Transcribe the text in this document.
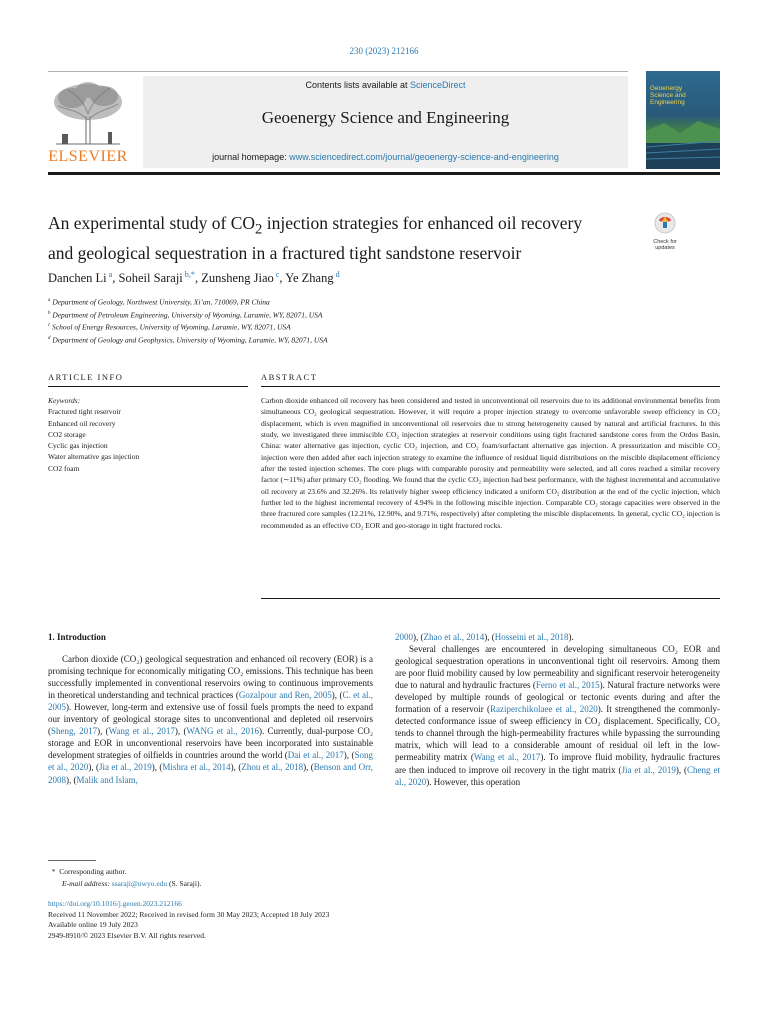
230 (2023) 212166
ELSEVIER
Contents lists available at ScienceDirect
Geoenergy Science and Engineering
journal homepage: www.sciencedirect.com/journal/geoenergy-science-and-engineering
Geoenergy
Science and
Engineering
An experimental study of $CO_2$ injection strategies for enhanced oil recovery
and geological sequestration in a fractured tight sandstone reservoir
Check for updates
Danchen Li $^a$, Soheil Saraji $^{b,*}$, Zunsheng Jiao $^c$, Ye Zhang $^d$
$^a$ Department of Geology, Northwest University, Xi’an, 710069, PR China
$^b$ Department of Petroleum Engineering, University of Wyoming, Laramie, WY, 82071, USA
$^c$ School of Energy Resources, University of Wyoming, Laramie, WY, 82071, USA
$^d$ Department of Geology and Geophysics, University of Wyoming, Laramie, WY, 82071, USA
ARTICLE INFO	ABSTRACT
Keywords:
Fractured tight reservoir
Enhanced oil recovery
CO2 storage
Cyclic gas injection
Water alternative gas injection
CO2 foam
Carbon dioxide enhanced oil recovery has been considered and tested in unconventional oil reservoirs due to its additional environmental benefits from simultaneous CO₂ geological sequestration. However, it will require a proper injection strategy to overcome unfavorable sweep efficiency in CO₂ displacement, which is even magnified in unconventional oil reservoirs due to strong heterogeneity caused by natural and artificial fractures. In this study, we investigated three immiscible CO₂ injection strategies at reservoir conditions using tight fractured sandstone cores from the Ordos Basin, China: water alternative gas injection, cyclic CO₂ injection, and CO₂ foam/surfactant alternative gas injection. A pressurization and miscible CO₂ injection were then added after each injection strategy to examine the influence of residual liquid distributions on the miscible displacement efficiency after the tested injection schemes. The core plugs with comparable porosity and permeability were selected, and all cores reached a similar recovery factor (∼11%) after primary CO₂ flooding. We found that the cyclic CO₂ injection had best performance, with the highest incremental and accumulative oil recovery at 23.6% and 32.26%. Its relatively higher sweep efficiency indicated a uniform CO₂ distribution at the end of the cyclic injection, which further led to the highest incremental recovery of 4.94% in the following miscible injection. Comparable CO₂ storage capacities were observed in the three fractured core samples (12.21%, 12.90%, and 9.71%, respectively) after completing the miscible displacements. In general, cyclic CO₂ injection is recommended as an effective CO₂ EOR and geo-storage in tight fractured rocks.
1. Introduction

Carbon dioxide (CO₂) geological sequestration and enhanced oil recovery (EOR) is a promising technique for economically mitigating CO₂ emissions. This technique has been successfully implemented in conventional reservoirs owing to continuous improvements in theoretical understanding and technical practices (Gozalpour and Ren, 2005), (C. et al., 2005). However, long-term and extensive use of fossil fuels prompts the need to expand our inventory of geological storage sites to unconventional and depleted oil reservoirs (Sheng, 2017), (Wang et al., 2017), (WANG et al., 2016). Currently, dual-purpose CO₂ storage and EOR in unconventional reservoirs have been incorporated into sustainable development strategies of oilfields in countries around the world (Dai et al., 2017), (Song et al., 2020), (Jia et al., 2019), (Mishra et al., 2014), (Zhou et al., 2018), (Benson and Orr, 2008), (Malik and Islam,

2000), (Zhao et al., 2014), (Hosseini et al., 2018).

Several challenges are encountered in developing simultaneous CO₂ EOR and geological sequestration operations in unconventional tight oil reservoirs. Among them are poor fluid mobility caused by low permeability and significant reservoir heterogeneity due to natural and hydraulic fractures (Ferno et al., 2015). Natural fracture networks were developed by multiple rounds of geological or tectonic events during and after the formation of a reservoir (Raziperchikolaee et al., 2020). It strengthened the commonly-detected conformance issue of sweep efficiency in CO₂ displacement. Specifically, CO₂ tends to channel through the high-permeability fractures while bypassing the surrounding matrix, which will lead to a considerable amount of residual oil left in the low-permeability matrix (Wang et al., 2017). To improve fluid mobility, hydraulic fractures are then induced to improve oil recovery in the tight matrix (Jia et al., 2019), (Cheng et al., 2020). However, this operation

*  Corresponding author.
E-mail address: ssaraji@uwyo.edu (S. Saraji).
https://doi.org/10.1016/j.geoen.2023.212166
Received 11 November 2022; Received in revised form 30 May 2023; Accepted 18 July 2023
Available online 19 July 2023
2949-8910/© 2023 Elsevier B.V. All rights reserved.
